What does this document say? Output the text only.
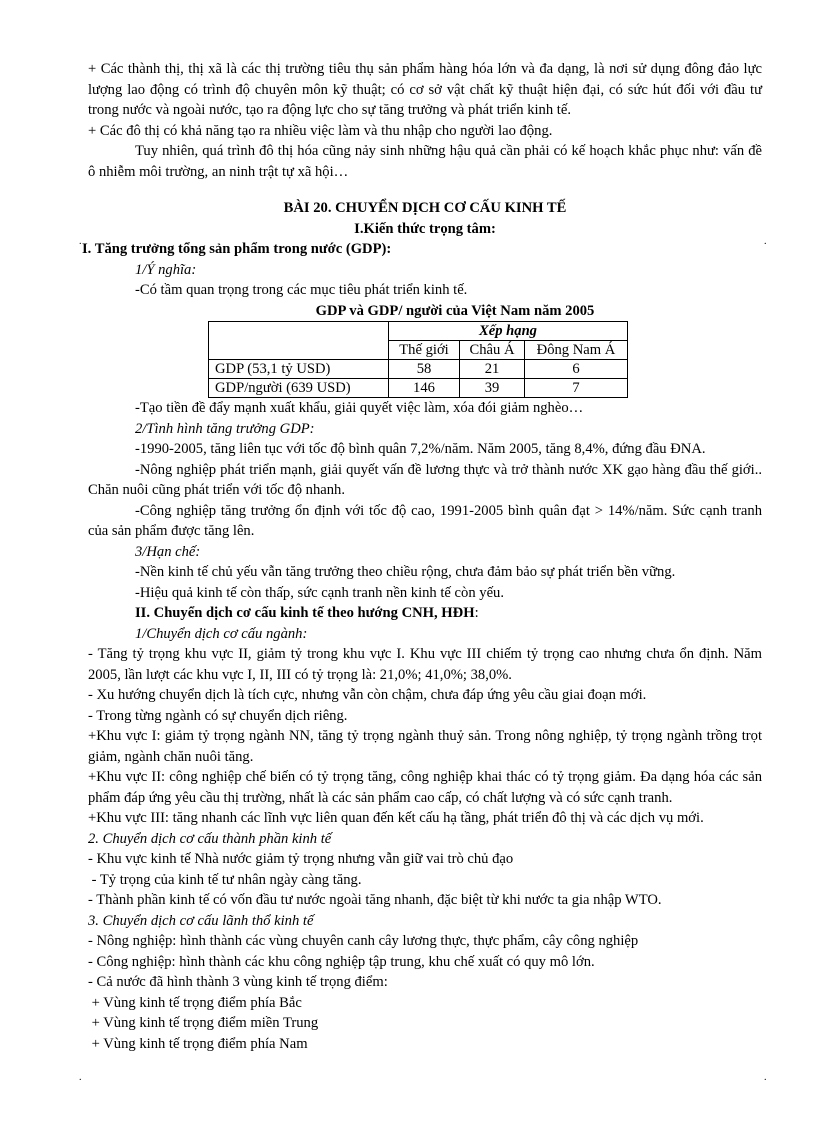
+ Các thành thị, thị xã là các thị trường tiêu thụ sản phẩm hàng hóa lớn và đa dạng, là nơi sử dụng đông đảo lực lượng lao động có trình độ chuyên môn kỹ thuật; có cơ sở vật chất kỹ thuật hiện đại, có sức hút đối với đầu tư trong nước và ngoài nước, tạo ra động lực cho sự tăng trưởng và phát triển kinh tế.

+ Các đô thị có khả năng tạo ra nhiều việc làm và thu nhập cho người lao động.

Tuy nhiên, quá trình đô thị hóa cũng nảy sinh những hậu quả cần phải có kế hoạch khắc phục như: vấn đề ô nhiễm môi trường, an ninh trật tự xã hội…

BÀI 20. CHUYỂN DỊCH CƠ CẤU KINH TẾ

I.Kiến thức trọng tâm:

I. Tăng trưởng tổng sản phẩm trong nước (GDP):

1/Ý nghĩa:

-Có tầm quan trọng trong các mục tiêu phát triển kinh tế.

GDP và GDP/ người của Việt Nam năm 2005

	Xếp hạng		
	Thế giới	Châu Á	Đông Nam Á
GDP (53,1 tỷ USD)	58	21	6
GDP/người (639 USD)	146	39	7

-Tạo tiền đề đẩy mạnh xuất khẩu, giải quyết việc làm, xóa đói giảm nghèo…

2/Tình hình tăng trưởng GDP:

-1990-2005, tăng liên tục với tốc độ bình quân 7,2%/năm. Năm 2005, tăng 8,4%, đứng đầu ĐNA.

-Nông nghiệp phát triển mạnh, giải quyết vấn đề lương thực và trở thành nước XK gạo hàng đầu thế giới.. Chăn nuôi cũng phát triển với tốc độ nhanh.

-Công nghiệp tăng trưởng ổn định với tốc độ cao, 1991-2005 bình quân đạt > 14%/năm. Sức cạnh tranh của sản phẩm được tăng lên.

3/Hạn chế:

-Nền kinh tế chủ yếu vẫn tăng trưởng theo chiều rộng, chưa đảm bảo sự phát triển bền vững.

-Hiệu quả kinh tế còn thấp, sức cạnh tranh nền kinh tế còn yếu.

II. Chuyển dịch cơ cấu kinh tế theo hướng CNH, HĐH:

1/Chuyển dịch cơ cấu ngành:

- Tăng tỷ trọng khu vực II, giảm tỷ trong khu vực I. Khu vực III chiếm tỷ trọng cao nhưng chưa ổn định. Năm 2005, lần lượt các khu vực I, II, III có tỷ trọng là: 21,0%; 41,0%; 38,0%.

- Xu hướng chuyển dịch là tích cực, nhưng vẫn còn chậm, chưa đáp ứng yêu cầu giai đoạn mới.

- Trong từng ngành có sự chuyển dịch riêng.

+Khu vực I: giảm tỷ trọng ngành NN, tăng tỷ trọng ngành thuỷ sản. Trong nông nghiệp, tỷ trọng ngành trồng trọt giảm, ngành chăn nuôi tăng.

+Khu vực II: công nghiệp chế biến có tỷ trọng tăng, công nghiệp khai thác có tỷ trọng giảm. Đa dạng hóa các sản phẩm đáp ứng yêu cầu thị trường, nhất là các sản phẩm cao cấp, có chất lượng và có sức cạnh tranh.

+Khu vực III: tăng nhanh các lĩnh vực liên quan đến kết cấu hạ tầng, phát triển đô thị và các dịch vụ mới.

2. Chuyển dịch cơ cấu thành phần kinh tế

- Khu vực kinh tế Nhà nước giảm tỷ trọng nhưng vẫn giữ vai trò chủ đạo

- Tỷ trọng của kinh tế tư nhân ngày càng tăng.

- Thành phần kinh tế có vốn đầu tư nước ngoài tăng nhanh, đặc biệt từ khi nước ta gia nhập WTO.

3. Chuyển dịch cơ cấu lãnh thổ kinh tế

- Nông nghiệp: hình thành các vùng chuyên canh cây lương thực, thực phẩm, cây công nghiệp

- Công nghiệp: hình thành các khu công nghiệp tập trung, khu chế xuất có quy mô lớn.

- Cả nước đã hình thành 3 vùng kinh tế trọng điểm:

+ Vùng kinh tế trọng điểm phía Bắc

+ Vùng kinh tế trọng điểm miền Trung

+ Vùng kinh tế trọng điểm phía Nam

.	.
.	.
